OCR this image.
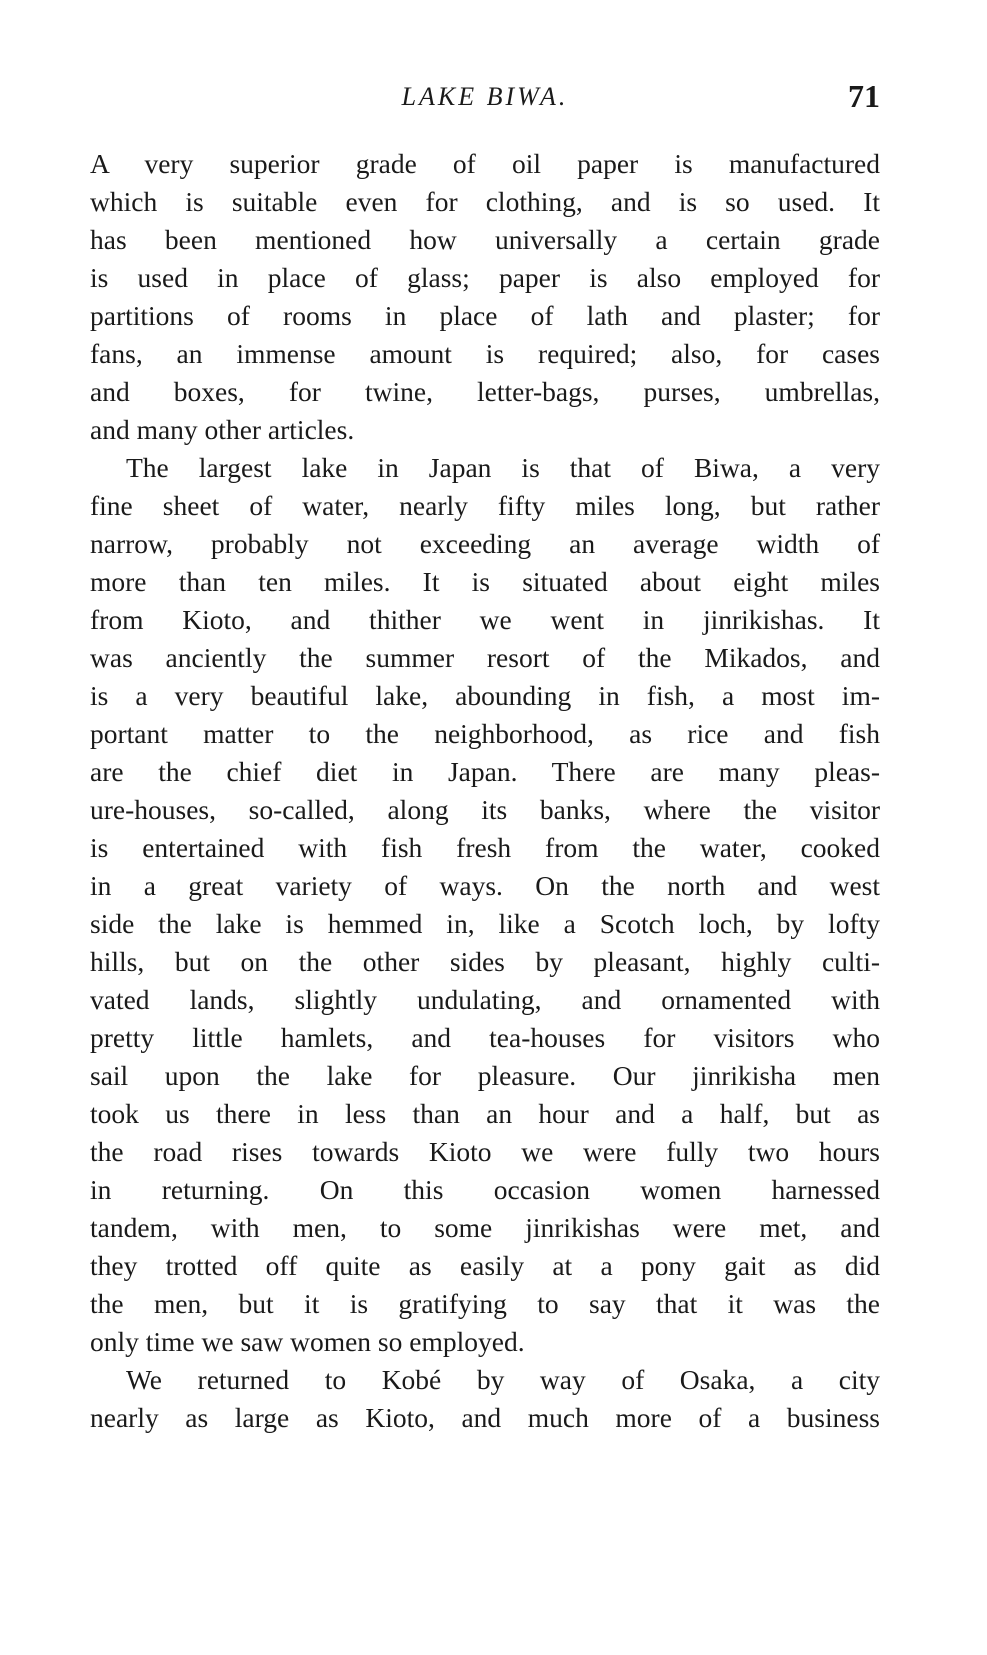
LAKE BIWA.	71
A very superior grade of oil paper is manufactured
which is suitable even for clothing, and is so used. It
has been mentioned how universally a certain grade
is used in place of glass; paper is also employed for
partitions of rooms in place of lath and plaster; for
fans, an immense amount is required; also, for cases
and boxes, for twine, letter-bags, purses, umbrellas,
and many other articles.
The largest lake in Japan is that of Biwa, a very
fine sheet of water, nearly fifty miles long, but rather
narrow, probably not exceeding an average width of
more than ten miles. It is situated about eight miles
from Kioto, and thither we went in jinrikishas. It
was anciently the summer resort of the Mikados, and
is a very beautiful lake, abounding in fish, a most im-
portant matter to the neighborhood, as rice and fish
are the chief diet in Japan. There are many pleas-
ure-houses, so-called, along its banks, where the visitor
is entertained with fish fresh from the water, cooked
in a great variety of ways. On the north and west
side the lake is hemmed in, like a Scotch loch, by lofty
hills, but on the other sides by pleasant, highly culti-
vated lands, slightly undulating, and ornamented with
pretty little hamlets, and tea-houses for visitors who
sail upon the lake for pleasure. Our jinrikisha men
took us there in less than an hour and a half, but as
the road rises towards Kioto we were fully two hours
in returning. On this occasion women harnessed
tandem, with men, to some jinrikishas were met, and
they trotted off quite as easily at a pony gait as did
the men, but it is gratifying to say that it was the
only time we saw women so employed.
We returned to Kobé by way of Osaka, a city
nearly as large as Kioto, and much more of a business
